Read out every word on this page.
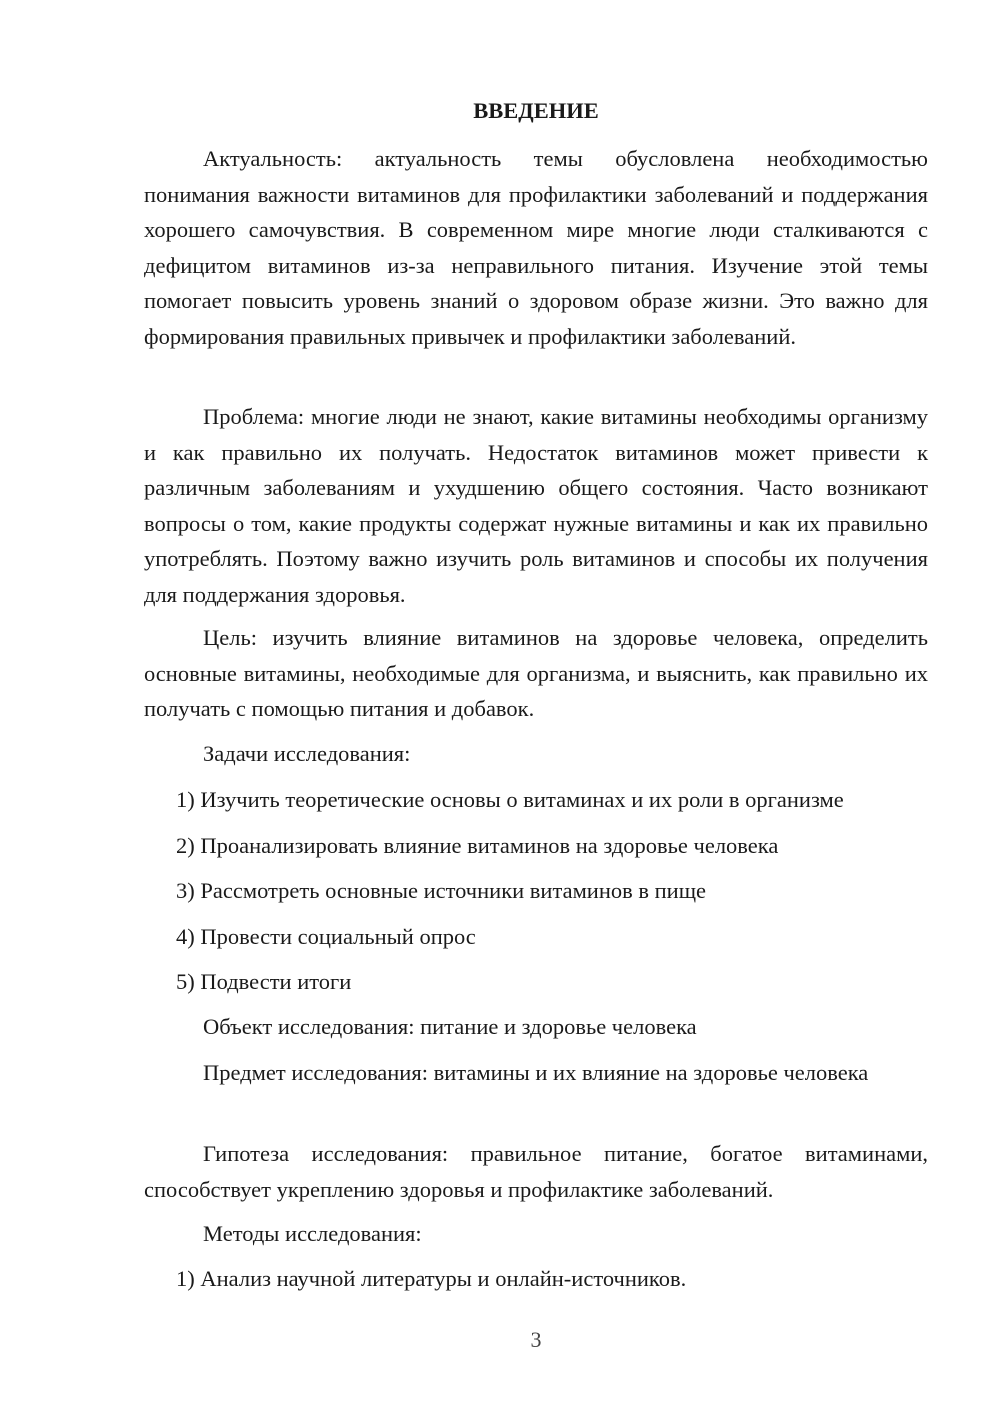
ВВЕДЕНИЕ

Актуальность: актуальность темы обусловлена необходимостью понимания важности витаминов для профилактики заболеваний и поддержания хорошего самочувствия. В современном мире многие люди сталкиваются с дефицитом витаминов из-за неправильного питания. Изучение этой темы помогает повысить уровень знаний о здоровом образе жизни. Это важно для формирования правильных привычек и профилактики заболеваний.

Проблема: многие люди не знают, какие витамины необходимы организму и как правильно их получать. Недостаток витаминов может привести к различным заболеваниям и ухудшению общего состояния. Часто возникают вопросы о том, какие продукты содержат нужные витамины и как их правильно употреблять. Поэтому важно изучить роль витаминов и способы их получения для поддержания здоровья.

Цель: изучить влияние витаминов на здоровье человека, определить основные витамины, необходимые для организма, и выяснить, как правильно их получать с помощью питания и добавок.

Задачи исследования:

1) Изучить теоретические основы о витаминах и их роли в организме

2) Проанализировать влияние витаминов на здоровье человека

3) Рассмотреть основные источники витаминов в пище

4) Провести социальный опрос

5) Подвести итоги

Объект исследования: питание и здоровье человека

Предмет исследования: витамины и их влияние на здоровье человека

Гипотеза исследования: правильное питание, богатое витаминами, способствует укреплению здоровья и профилактике заболеваний.

Методы исследования:

1) Анализ научной литературы и онлайн-источников.

3
